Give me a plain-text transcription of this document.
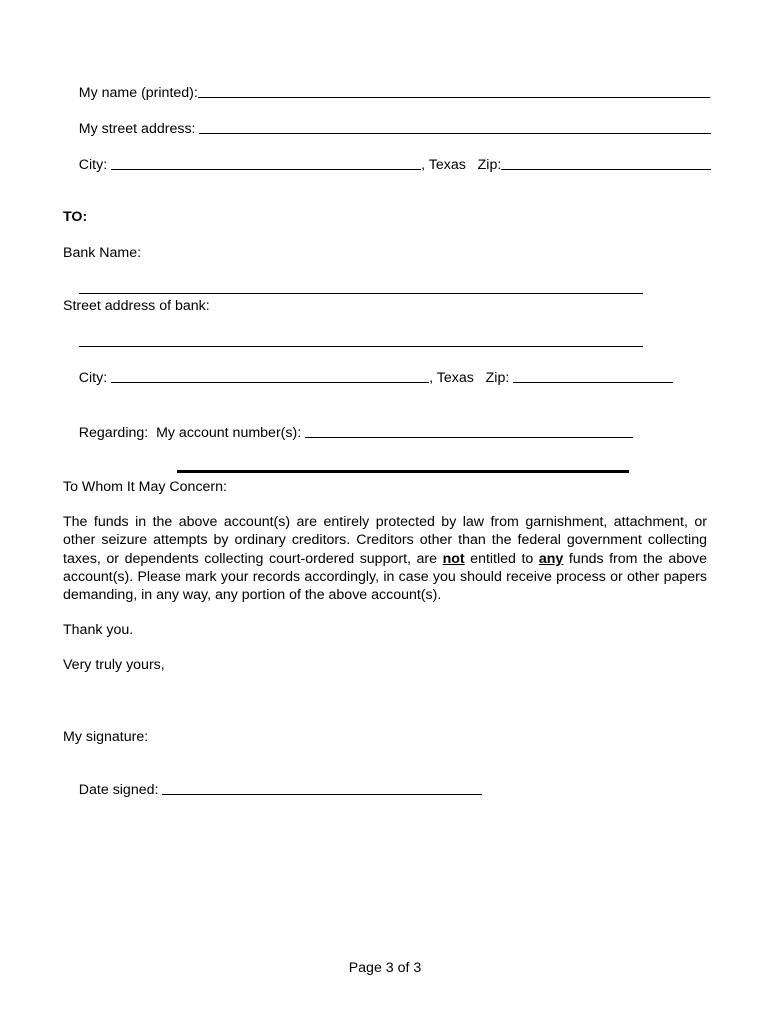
My name (printed):

My street address:

City:	, Texas Zip:

TO:
Bank Name:

Street address of bank:

City:	, Texas Zip:

Regarding:  My account number(s):

To Whom It May Concern:
The funds in the above account(s) are entirely protected by law from garnishment, attachment, or other seizure attempts by ordinary creditors. Creditors other than the federal government collecting taxes, or dependents collecting court-ordered support, are not entitled to any funds from the above account(s). Please mark your records accordingly, in case you should receive process or other papers demanding, in any way, any portion of the above account(s).
Thank you.
Very truly yours,
My signature:

Date signed:

Page 3 of 3
